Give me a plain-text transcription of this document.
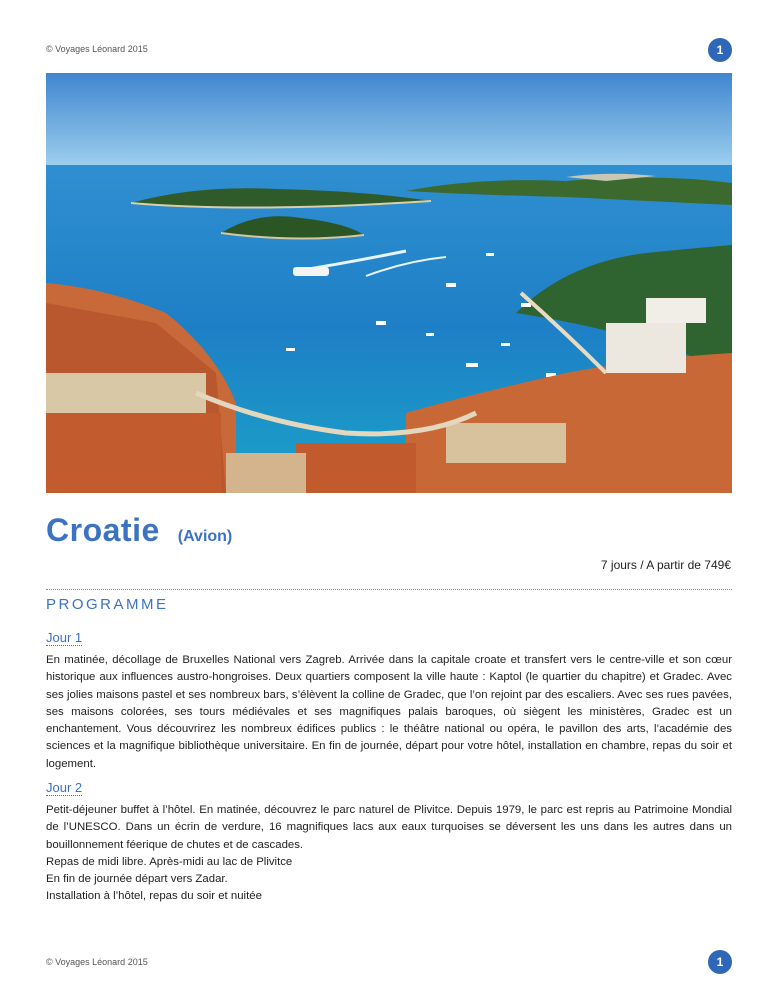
© Voyages Léonard 2015	1
Croatie (Avion)
7 jours / A partir de 749€
PROGRAMME
Jour 1

En matinée, décollage de Bruxelles National vers Zagreb. Arrivée dans la capitale croate et transfert vers le centre-ville et son cœur historique aux influences austro-hongroises. Deux quartiers composent la ville haute : Kaptol (le quartier du chapitre) et Gradec. Avec ses jolies maisons pastel et ses nombreux bars, s’élèvent la colline de Gradec, que l’on rejoint par des escaliers. Avec ses rues pavées, ses maisons colorées, ses tours médiévales et ses magnifiques palais baroques, où siègent les ministères, Gradec est un enchantement. Vous découvrirez les nombreux édifices publics : le théâtre national ou opéra, le pavillon des arts, l’académie des sciences et la magnifique bibliothèque universitaire. En fin de journée, départ pour votre hôtel, installation en chambre, repas du soir et logement.

Jour 2

Petit-déjeuner buffet à l’hôtel. En matinée, découvrez le parc naturel de Plivitce. Depuis 1979, le parc est repris au Patrimoine Mondial de l’UNESCO. Dans un écrin de verdure, 16 magnifiques lacs aux eaux turquoises se déversent les uns dans les autres dans un bouillonnement féerique de chutes et de cascades.

Repas de midi libre. Après-midi au lac de Plivitce

En fin de journée départ vers Zadar.

Installation à l’hôtel, repas du soir et nuitée

© Voyages Léonard 2015	1
